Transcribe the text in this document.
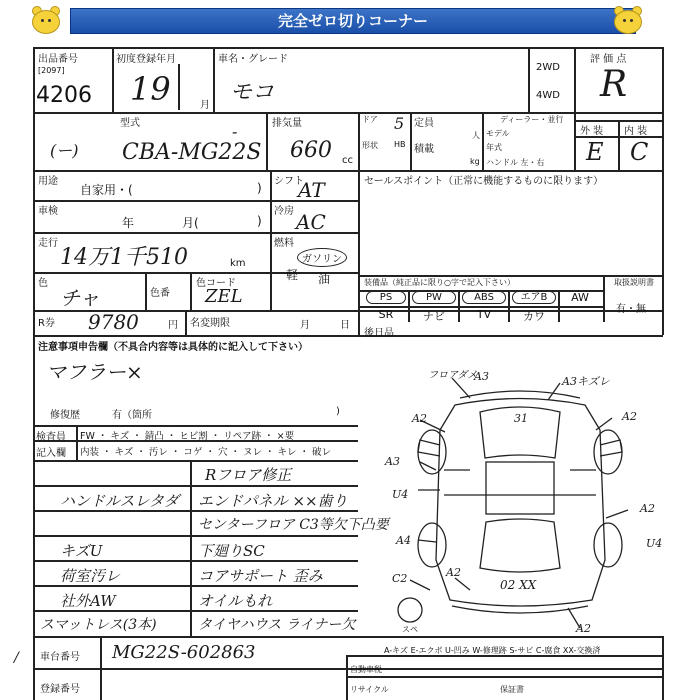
完全ゼロ切りコーナー
出品番号
[2097]
4206
初度登録年月
19	月
車名・グレード
モコ
2WD
4WD
評 価 点
R
型式
(ー)
-
CBA-MG22S
排気量
660 cc
ドア 5
形状 HB
定員
人
積載
kg
ディーラー・並行
モデル
年式
ハンドル 左・右
外 装 内 装
E C
用途
自家用・(	) シフト
AT	セールスポイント（正常に機能するものに限ります）
車検
年	月(	)
冷房 AC
走行
14万1千510	km
燃料
ガソリン
軽 油
色
チャ	色番
色コード
ZEL
装備品（純正品に限り○字で記入下さい）	取扱説明書
PS	PW	ABS	エアB	AW
SR	ナビ	TV	カワ
有・無
R券 9780	円 名変期限	月	日
後日品
注意事項申告欄（不具合内容等は具体的に記入して下さい）
マフラー×
修復歴	有（箇所	)
検査員 FW ・ キズ ・ 錆凸 ・ ヒビ割 ・ リペア跡 ・ ×要
記入欄 内装 ・ キズ ・ 汚レ ・ コゲ ・ 穴 ・ ヌレ ・ キレ ・ 破レ
Rフロア修正
ハンドルスレタダ エンドパネル ××歯り
センターフロア C3等欠下凸要
キズU	下廻りSC
荷室汚レ	コアサポート 歪み
社外AW	オイルもれ
スマットレス(3本)	タイヤハウス ライナー欠
フロアダメ
A3	A3キズレ
A2	A2
31
A3
U4
A2
A4	U4
C2	A2
02 XX
A2
スペ
A-キズ E-エクボ U-凹み W-修理跡 S-サビ C-腐食 XX-交換済
車台番号 MG22S-602863
/
登録番号
自動車税
リサイクル	保証書
